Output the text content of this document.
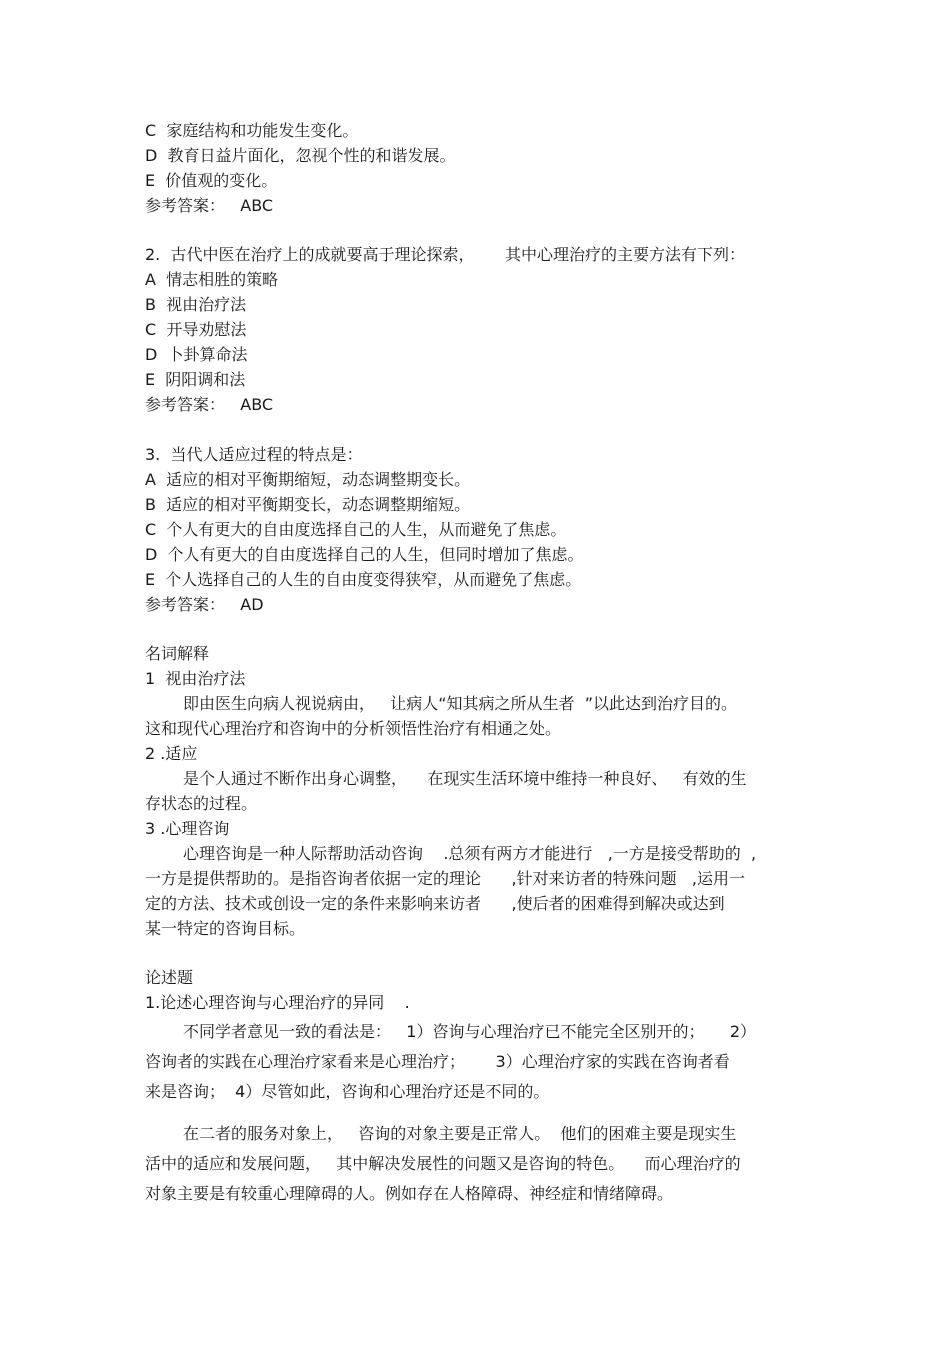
C  家庭结构和功能发生变化。
D  教育日益片面化，忽视个性的和谐发展。
E  价值观的变化。
参考答案：   ABC
2.  古代中医在治疗上的成就要高于理论探索，      其中心理治疗的主要方法有下列：
A  情志相胜的策略
B  视由治疗法
C  开导劝慰法
D  卜卦算命法
E  阴阳调和法
参考答案：   ABC
3.  当代人适应过程的特点是：
A  适应的相对平衡期缩短，动态调整期变长。
B  适应的相对平衡期变长，动态调整期缩短。
C  个人有更大的自由度选择自己的人生，从而避免了焦虑。
D  个人有更大的自由度选择自己的人生，但同时增加了焦虑。
E  个人选择自己的人生的自由度变得狭窄，从而避免了焦虑。
参考答案：   AD
名词解释
1  视由治疗法
即由医生向病人视说病由，   让病人“知其病之所从生者  ”以此达到治疗目的。
这和现代心理治疗和咨询中的分析领悟性治疗有相通之处。
2 .适应
是个人通过不断作出身心调整，    在现实生活环境中维持一种良好、   有效的生
存状态的过程。
3 .心理咨询
心理咨询是一种人际帮助活动咨询    .总须有两方才能进行   ,一方是接受帮助的  ,
一方是提供帮助的。是指咨询者依据一定的理论      ,针对来访者的特殊问题   ,运用一
定的方法、技术或创设一定的条件来影响来访者      ,使后者的困难得到解决或达到
某一特定的咨询目标。
论述题
1.论述心理咨询与心理治疗的异同    .
不同学者意见一致的看法是：   1）咨询与心理治疗已不能完全区别开的；     2）
咨询者的实践在心理治疗家看来是心理治疗；      3）心理治疗家的实践在咨询者看
来是咨询；  4）尽管如此，咨询和心理治疗还是不同的。
在二者的服务对象上，   咨询的对象主要是正常人。  他们的困难主要是现实生
活中的适应和发展问题，   其中解决发展性的问题又是咨询的特色。    而心理治疗的
对象主要是有较重心理障碍的人。例如存在人格障碍、神经症和情绪障碍。
